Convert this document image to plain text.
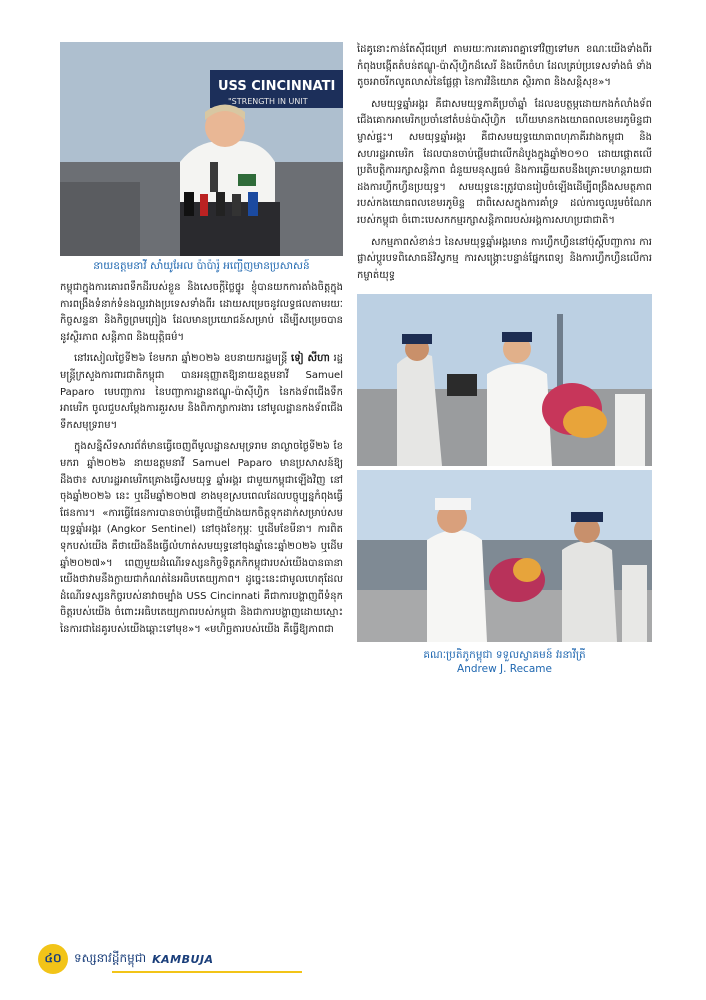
USS CINCINNATI
"STRENGTH IN UNIT
នាយឧត្តមនាវី សាំយូអែល ប៉ាប៉ារ៉ូ អញ្ជើញមានប្រសាសន៍

កម្ពុជាក្នុងការគោរពទឹកដីរបស់ខ្លួន និងសេចក្តីថ្លៃថ្នូរ ខ្ញុំបានយកការតាំងចិត្តក្នុងការពង្រឹងទំនាក់ទំនងល្អរវាងប្រទេសទាំងពីរ ដោយសម្រេចនូវលទ្ធផលតាមរយៈកិច្ចសន្ទនា និងកិច្ចព្រមព្រៀង ដែលមានប្រយោជន៍សម្រាប់ ដើម្បីសម្រេចបាននូវស្ថិរភាព សន្តិភាព និងយុត្តិធម៌។

នៅរសៀលថ្ងៃទី២៦ ខែមករា ឆ្នាំ២០២៦ ឧបនាយករដ្ឋមន្ត្រី ទៀ សីហា រដ្ឋមន្ត្រីក្រសួងការពារជាតិកម្ពុជា បានអនុញ្ញាតឱ្យនាយឧត្តមនាវី Samuel Paparo មេបញ្ជាការ នៃបញ្ជាការដ្ឋានឥណ្ឌូ-ប៉ាស៊ីហ្វិក នៃកងទ័ពជើងទឹកអាមេរិក ចូលជួបសម្តែងការគួរសម និងពិភាក្សាការងារ នៅមូលដ្ឋានកងទ័ពជើងទឹកសមុទ្ររាម។

ក្នុងសន្និសីទសារព័ត៌មានធ្វើចេញពីមូលដ្ឋានសមុទ្ររាម នាល្ងាចថ្ងៃទី២៦ ខែមករា ឆ្នាំ២០២៦ នាយឧត្តមនាវី Samuel Paparo មានប្រសាសន៍ឱ្យដឹងថា៖ សហរដ្ឋអាមេរិកគ្រោងធ្វើសមយុទ្ធ ឆ្នាំអង្គរ ជាមួយកម្ពុជាឡើងវិញ នៅចុងឆ្នាំ២០២៦ នេះ ឬដើមឆ្នាំ២០២៧ ខាងមុខស្របពេលដែលបច្ចុប្បន្នកំពុងធ្វើផែនការ។ «ការធ្វើផែនការបានចាប់ផ្តើមជាថ្មីយ៉ាងយកចិត្តទុកដាក់សម្រាប់សមយុទ្ធឆ្នាំអង្គរ (Angkor Sentinel) នៅចុងខែកុម្ភៈ ឬដើមខែមីនា។ ការពិតទុកបស់យើង គឺថាយើងនឹងធ្វើលំហាត់សមយុទ្ធនៅចុងឆ្នាំនេះឆ្នាំ២០២៦ ឬដើមឆ្នាំ២០២៧»។ ពេញមួយដំណើរទស្សនកិច្ចទិត្តភកិកម្ពុជារបស់យើងបានធានាយើងថាវាមនឹងក្លាយជាកំណត់នៃអធិបតេយ្យភាព។ ដូច្នេះនេះជាមូលហេតុដែលដំណើរទស្សនកិច្ចរបស់នាវាចម្បាំង USS Cincinnati គឺជាការបង្ហាញពីទំនុកចិត្តរបស់យើង ចំពោះអធិបតេយ្យភាពរបស់កម្ពុជា និងជាការបង្ហាញដោយស្មោះ នៃការជាដៃគូរបស់យើងឆ្ពោះទៅមុខ»។ «មហិច្ឆតារបស់យើង គឺធ្វើឱ្យភាពជា

ដៃគូនោះកាន់តែស៊ីជម្រៅ តាមរយៈការគោរពគ្នាទៅវិញទៅមក ខណៈយើងទាំងពីរកំពុងបង្កើតតំបន់ឥណ្ឌូ-ប៉ាស៊ីហ្វិកដ៏សេរី និងបើកចំហ ដែលគ្រប់ប្រទេសទាំងធំ ទាំងតូចអាចរីកលូតលាស់នៃផ្លែផ្កា នៃការវិនិយោគ ស្ថិរភាព និងសន្តិសុខ»។

សមយុទ្ធឆ្នាំអង្គរ គឺជាសមយុទ្ធភាគីប្រចាំឆ្នាំ ដែលឧបត្ថម្ភដោយកងកំលាំងទ័ពជើងគោកអាមេរិកប្រចាំនៅតំបន់ប៉ាស៊ីហ្វិក ហើយមានកងយោធពលខេមរភូមិន្ទជាម្ចាស់ផ្ទះ។ សមយុទ្ធឆ្នាំអង្គរ គឺជាសមយុទ្ធយោធាពហុភាគីរវាងកម្ពុជា និងសហរដ្ឋអាមេរិក ដែលបានចាប់ផ្តើមជាលើកដំបូងក្នុងឆ្នាំ២០១០ ដោយផ្តោតលើប្រតិបត្តិការរក្សាសន្តិភាព ជំនួយមនុស្សធម៌ និងការឆ្លើយតបនឹងគ្រោះមហន្តរាយជាដងការហ្វឹកហ្វឺនប្រយុទ្ធ។ សមយុទ្ធនេះត្រូវបានរៀបចំឡើងដើម្បីពង្រឹងសមត្ថភាពរបស់កងយោធពលខេមរភូមិន្ទ ជាពិសេសក្នុងការគាំទ្រ ដល់ការចូលរួមចំណែករបស់កម្ពុជា ចំពោះបេសកកម្មរក្សាសន្តិភាពរបស់អង្គការសហប្រជាជាតិ។

សកម្មភាពសំខាន់ៗ នៃសមយុទ្ធឆ្នាំអង្គរមាន ការហ្វឹកហ្វឺននៅប៉ុស្តិ៍បញ្ជាការ ការផ្លាស់ប្តូរបទពិសោធន៍វិស្វកម្ម ការសង្គ្រោះបន្ទាន់ផ្នែកពេទ្យ និងការហ្វឹកហ្វឺនលើការកម្ចាត់យុទ្ធ

គណៈប្រតិភូកម្ពុជា ទទួលស្វាគមន៍ វរនាវីត្រី
Andrew J. Recame
៤០	ទស្សនាវដ្តីកម្ពុជា KAMBUJA
